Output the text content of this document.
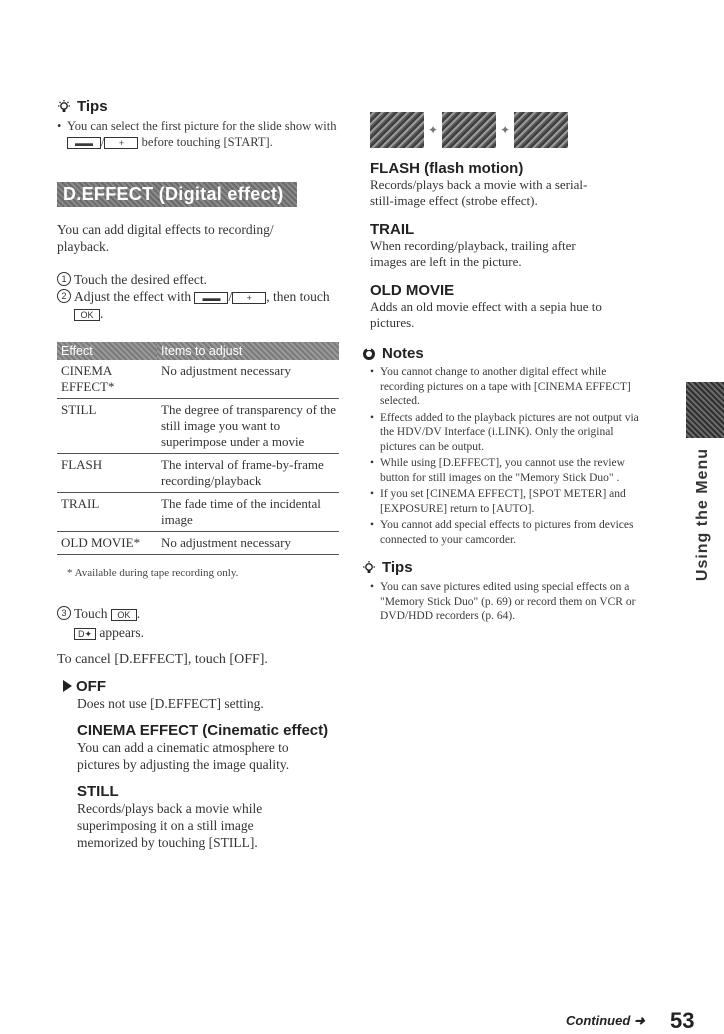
Tips
• You can select the first picture for the slide show with ▬▬ / + before touching [START].
D.EFFECT (Digital effect)

You can add digital effects to recording/ playback.

1 Touch the desired effect.
2 Adjust the effect with ▬▬ / + , then touch OK .
Effect	Items to adjust
CINEMA EFFECT*	No adjustment necessary
STILL	The degree of transparency of the still image you want to superimpose under a movie
FLASH	The interval of frame-by-frame recording/playback
TRAIL	The fade time of the incidental image
OLD MOVIE*	No adjustment necessary
* Available during tape recording only.
3 Touch OK .
D✦ appears.

To cancel [D.EFFECT], touch [OFF].

OFF
Does not use [D.EFFECT] setting.
CINEMA EFFECT (Cinematic effect)
You can add a cinematic atmosphere to pictures by adjusting the image quality.
STILL
Records/plays back a movie while superimposing it on a still image memorized by touching [STILL].
✦	✦
FLASH (flash motion)
Records/plays back a movie with a serial-still-image effect (strobe effect).
TRAIL
When recording/playback, trailing after images are left in the picture.
OLD MOVIE
Adds an old movie effect with a sepia hue to pictures.
Notes
• You cannot change to another digital effect while recording pictures on a tape with [CINEMA EFFECT] selected.
• Effects added to the playback pictures are not output via the HDV/DV Interface (i.LINK). Only the original pictures can be output.
• While using [D.EFFECT], you cannot use the review button for still images on the "Memory Stick Duo" .
• If you set [CINEMA EFFECT], [SPOT METER] and [EXPOSURE] return to [AUTO].
• You cannot add special effects to pictures from devices connected to your camcorder.
Tips
• You can save pictures edited using special effects on a "Memory Stick Duo" (p. 69) or record them on VCR or DVD/HDD recorders (p. 64).
Using the Menu
Continued ➜ 53
